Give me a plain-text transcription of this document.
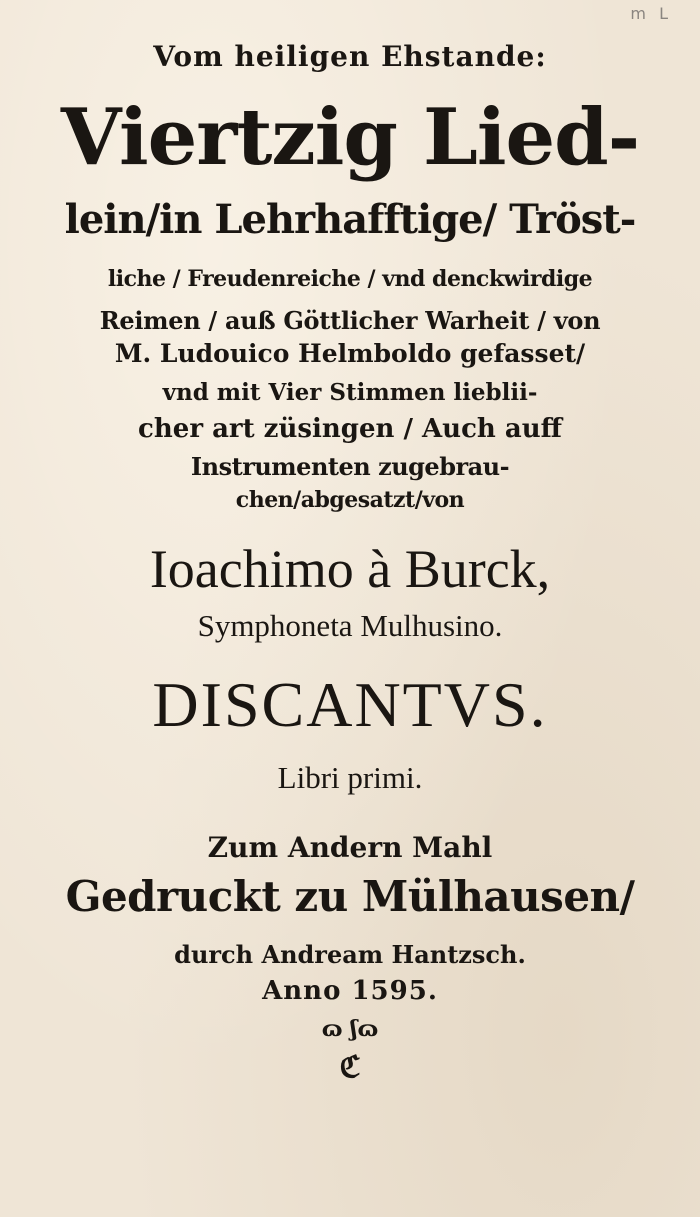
m L
Vom heiligen Ehstande:
Viertzig Lied-
lein/in Lehrhafftige/ Tröst-
liche / Freudenreiche / vnd denckwirdige
Reimen / auß Göttlicher Warheit / von
M. Ludouico Helmboldo gefasset/
vnd mit Vier Stimmen lieblii-
cher art züsingen / Auch auff
Instrumenten zugebrau-
chen/abgesatzt/von
Ioachimo à Burck,
Symphoneta Mulhusino.
DISCANTVS.
Libri primi.
Zum Andern Mahl
Gedruckt zu Mülhausen/
durch Andream Hantzsch.
Anno 1595.
ɷ ʃɷ
ℭ
